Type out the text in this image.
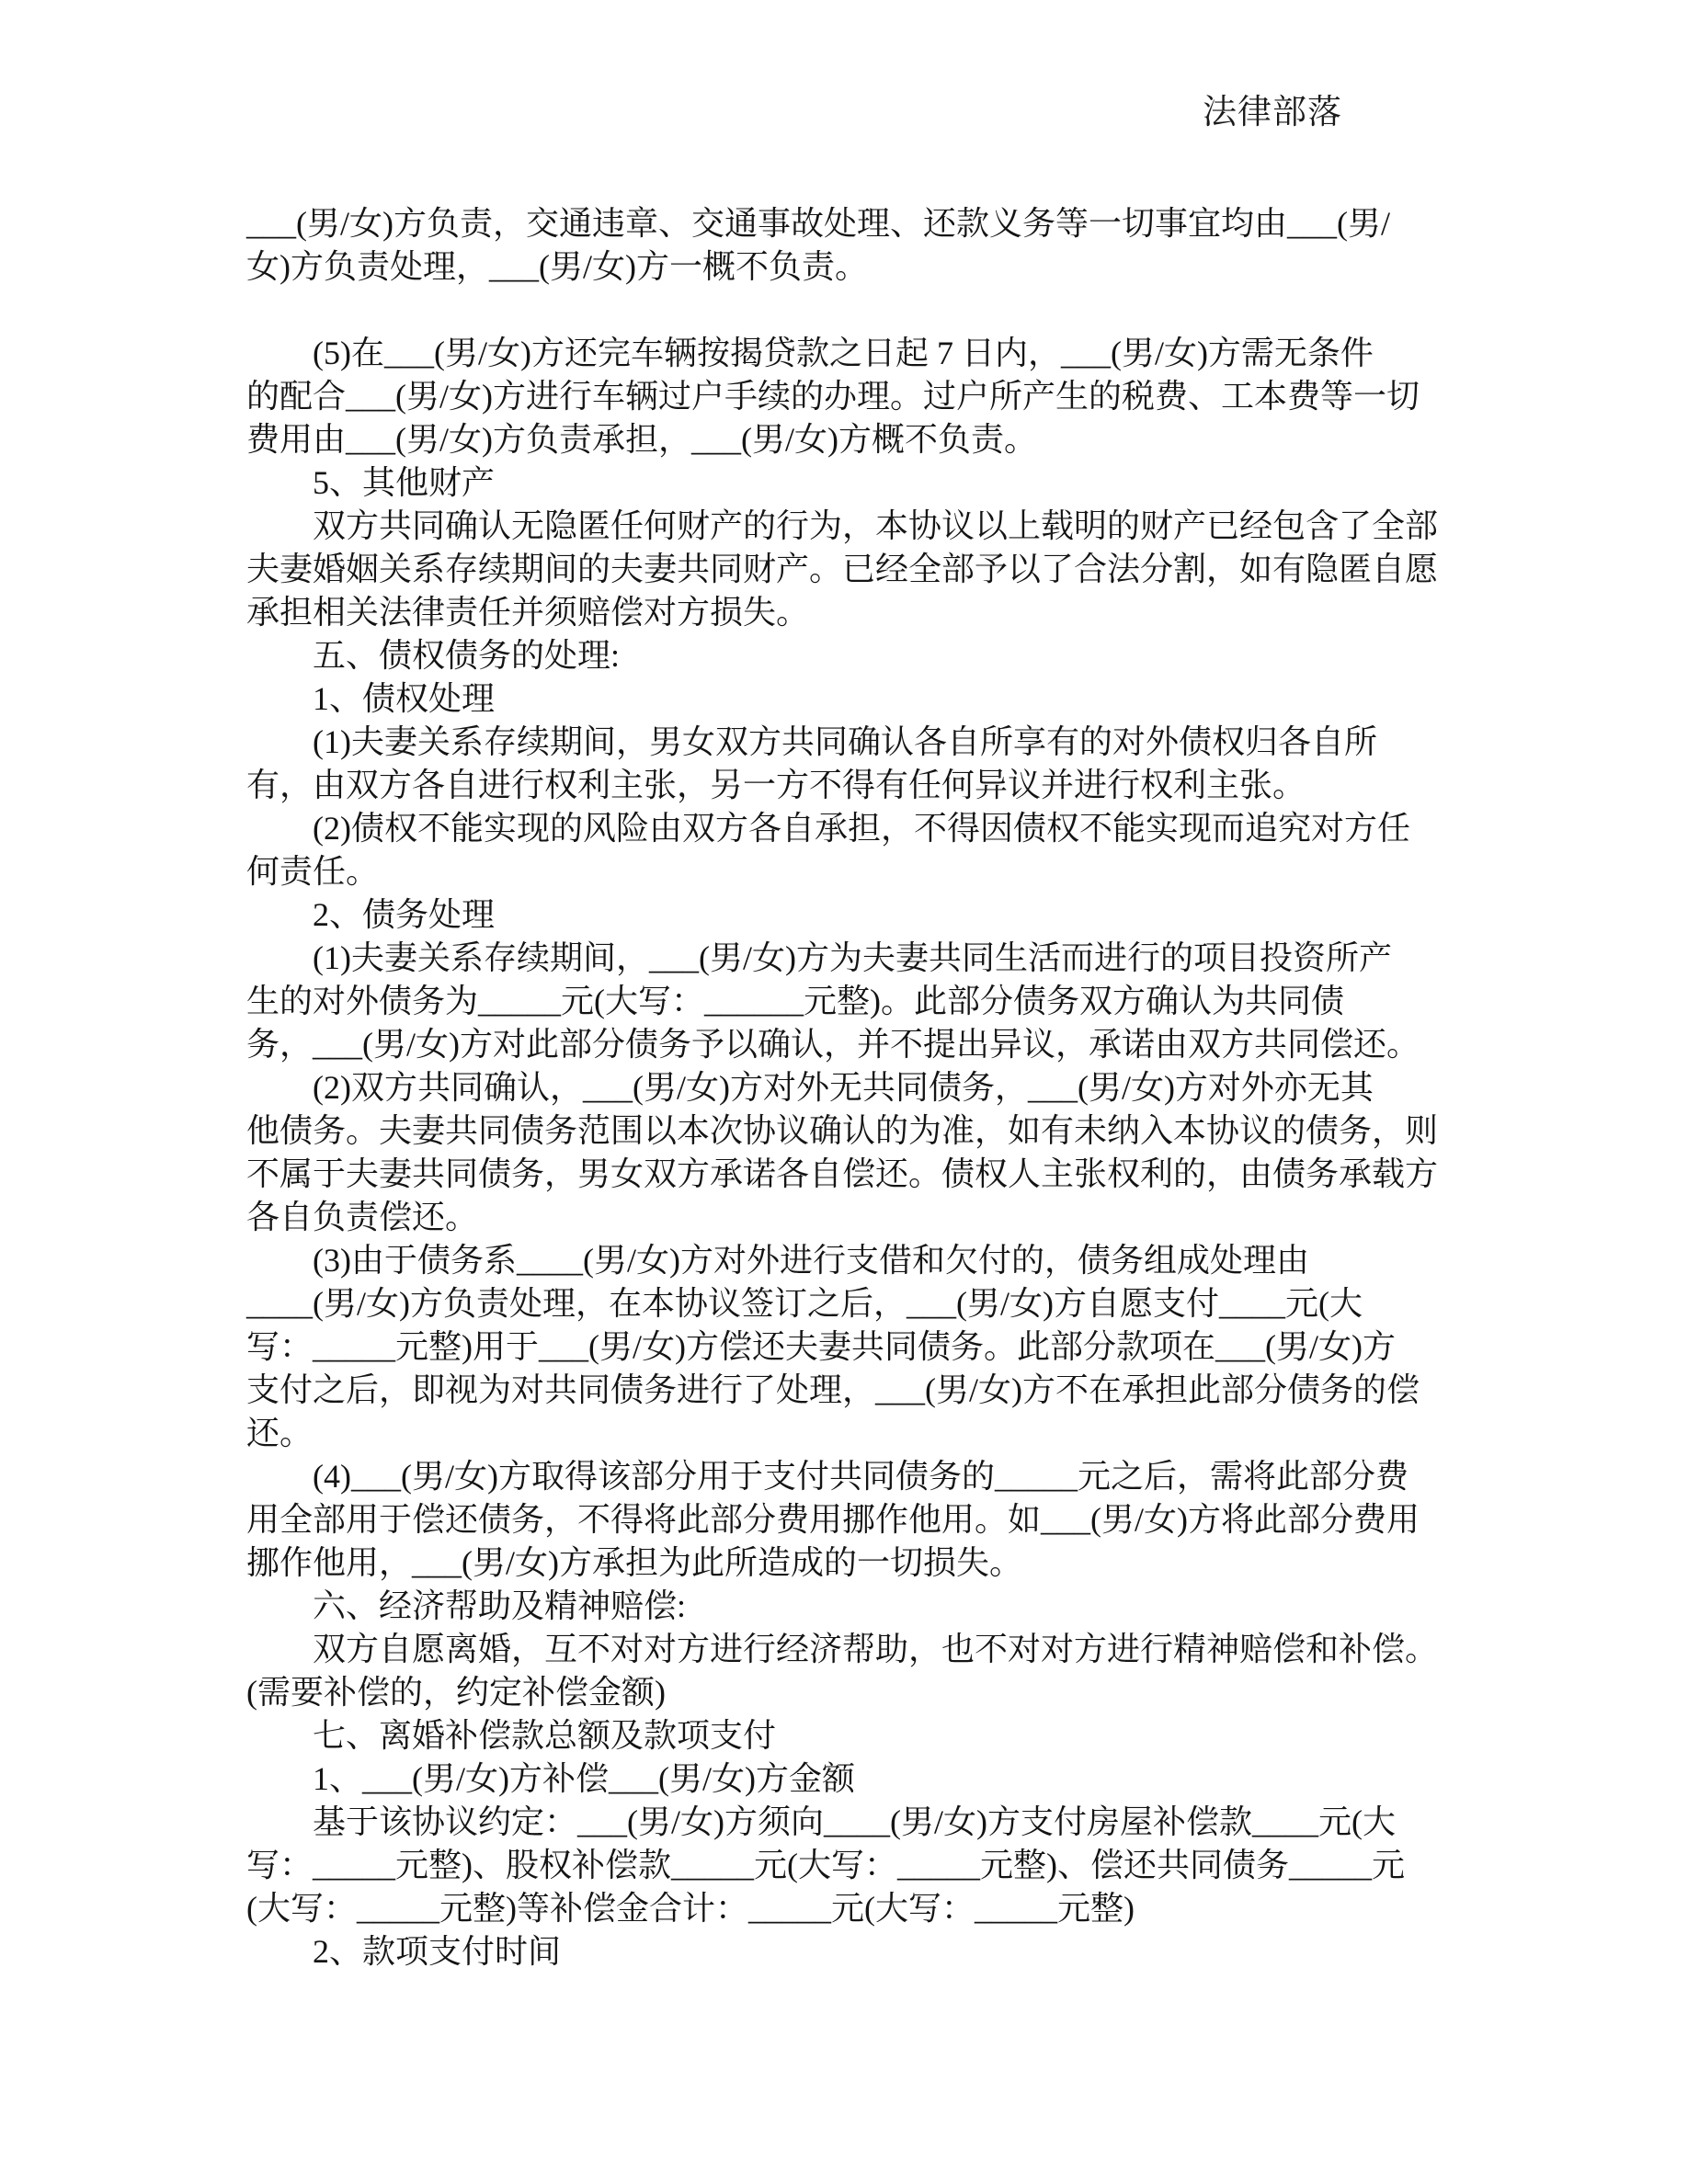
法律部落
___(男/女)方负责，交通违章、交通事故处理、还款义务等一切事宜均由___(男/
女)方负责处理，___(男/女)方一概不负责。
(5)在___(男/女)方还完车辆按揭贷款之日起 7 日内，___(男/女)方需无条件
的配合___(男/女)方进行车辆过户手续的办理。过户所产生的税费、工本费等一切
费用由___(男/女)方负责承担，___(男/女)方概不负责。
5、其他财产
双方共同确认无隐匿任何财产的行为，本协议以上载明的财产已经包含了全部
夫妻婚姻关系存续期间的夫妻共同财产。已经全部予以了合法分割，如有隐匿自愿
承担相关法律责任并须赔偿对方损失。
五、债权债务的处理:
1、债权处理
(1)夫妻关系存续期间，男女双方共同确认各自所享有的对外债权归各自所
有，由双方各自进行权利主张，另一方不得有任何异议并进行权利主张。
(2)债权不能实现的风险由双方各自承担，不得因债权不能实现而追究对方任
何责任。
2、债务处理
(1)夫妻关系存续期间，___(男/女)方为夫妻共同生活而进行的项目投资所产
生的对外债务为_____元(大写：______元整)。此部分债务双方确认为共同债
务，___(男/女)方对此部分债务予以确认，并不提出异议，承诺由双方共同偿还。
(2)双方共同确认，___(男/女)方对外无共同债务，___(男/女)方对外亦无其
他债务。夫妻共同债务范围以本次协议确认的为准，如有未纳入本协议的债务，则
不属于夫妻共同债务，男女双方承诺各自偿还。债权人主张权利的，由债务承载方
各自负责偿还。
(3)由于债务系____(男/女)方对外进行支借和欠付的，债务组成处理由
____(男/女)方负责处理，在本协议签订之后，___(男/女)方自愿支付____元(大
写：_____元整)用于___(男/女)方偿还夫妻共同债务。此部分款项在___(男/女)方
支付之后，即视为对共同债务进行了处理，___(男/女)方不在承担此部分债务的偿
还。
(4)___(男/女)方取得该部分用于支付共同债务的_____元之后，需将此部分费
用全部用于偿还债务，不得将此部分费用挪作他用。如___(男/女)方将此部分费用
挪作他用，___(男/女)方承担为此所造成的一切损失。
六、经济帮助及精神赔偿:
双方自愿离婚，互不对对方进行经济帮助，也不对对方进行精神赔偿和补偿。
(需要补偿的，约定补偿金额)
七、离婚补偿款总额及款项支付
1、___(男/女)方补偿___(男/女)方金额
基于该协议约定：___(男/女)方须向____(男/女)方支付房屋补偿款____元(大
写：_____元整)、股权补偿款_____元(大写：_____元整)、偿还共同债务_____元
(大写：_____元整)等补偿金合计：_____元(大写：_____元整)
2、款项支付时间
